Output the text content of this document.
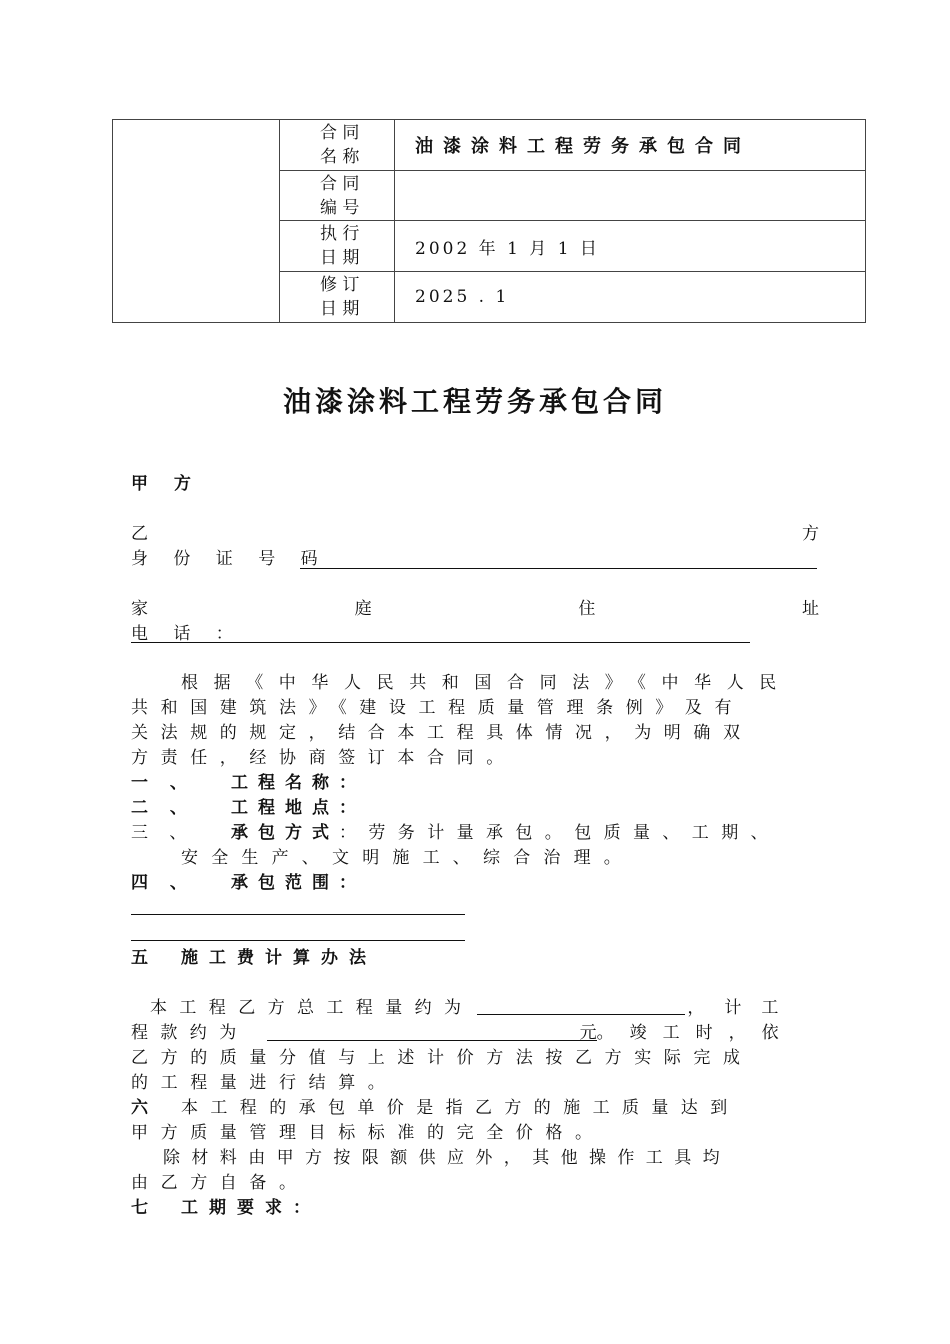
	合 同
名 称	油漆涂料工程劳务承包合同

	合 同
编 号	

	执 行
日 期	2002 年 1 月 1 日

	修 订
日 期	2025 . 1
油漆涂料工程劳务承包合同
甲 方
乙	方
身 份 证 号 码
家	庭	住	址
电 话 ：
根据《中华人民共和国合同法》《中华人民
共和国建筑法》《建设工程质量管理条例》及有
关法规的规定，结合本工程具体情况，为明确双
方责任，经协商签订本合同。
一 、 工程名称：
二 、 工程地点：
三 、 承包方式：劳务计量承包。包质量、工期、
安全生产、文明施工、综合治理。
四 、 承包范围：
五 施工费计算办法
本工程乙方总工程量约为	，计工
程款约为	元。竣工时，依
乙方的质量分值与上述计价方法按乙方实际完成
的工程量进行结算。
六 本工程的承包单价是指乙方的施工质量达到
甲方质量管理目标标准的完全价格。
除材料由甲方按限额供应外，其他操作工具均
由乙方自备。
七 工期要求：
